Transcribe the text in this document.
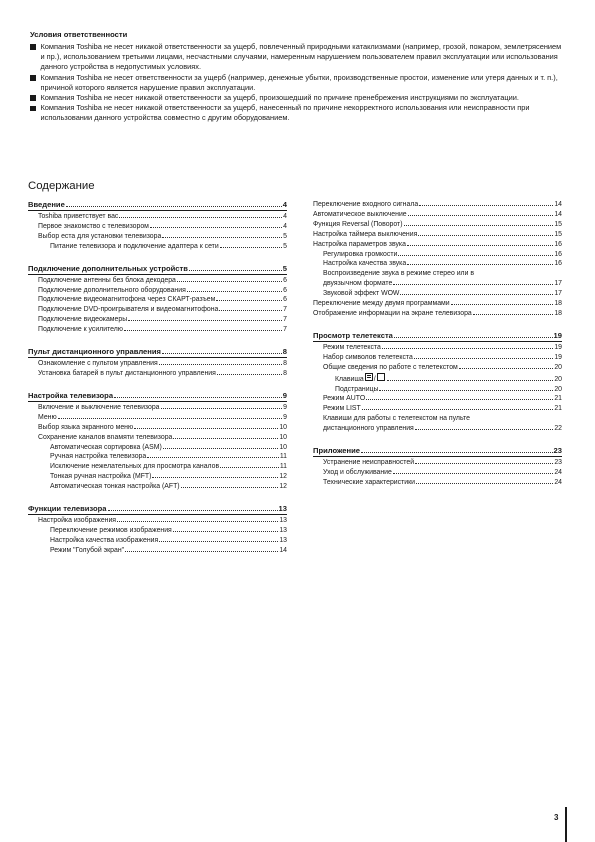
Условия ответственности
Компания Toshiba не несет никакой ответственности за ущерб, повлеченный природными катаклизмами (например, грозой, пожаром, землетрясением и пр.), использованием третьими лицами, несчастными случаями, намеренным нарушением пользователем правил эксплуатации или использования данного устройства в недопустимых условиях.
Компания Toshiba не несет ответственности за ущерб (например, денежные убытки, производственные простои, изменение или утеря данных и т. п.), причиной которого является нарушение правил эксплуатации.
Компания Toshiba не несет никакой ответственности за ущерб, произошедший по причине пренебрежения инструкциями по эксплуатации.
Компания Toshiba не несет никакой ответственности за ущерб, нанесенный по причине некорректного использования или неисправности при использовании данного устройства совместно с другим оборудованием.
Содержание
Введение	4
Toshiba приветствует вас	4
Первое знакомство с телевизором	4
Выбор еста для установки телевизора	5
Питание телевизора и подключение адаптера к сети	5
Подключение дополнительных устройств	5
Подключение антенны без блока декодера	6
Подключение дополнительного оборудования	6
Подключение видеомагнитофона через СКАРТ-разъем	6
Подключение DVD-проигрывателя и видеомагнитофона	7
Подключение видеокамеры	7
Подключение к усилителю	7
Пульт дистанционного управления	8
Ознакомление с пультом управления	8
Установка батарей в пульт дистанционного управления	8
Настройка телевизора	9
Включение и выключение телевизора	9
Меню	9
Выбор языка экранного меню	10
Сохранение каналов вnамяти телевизора	10
Автоматическая сортировка (ASM)	10
Ручная настройка телевизора	11
Исключение нежелательных для просмотра каналов	11
Тонкая ручная настройка (MFT)	12
Автоматическая тонкая настройка (AFT)	12
Функции телевизора	13
Настройка изображения	13
Переключение режимов изображения	13
Настройка качества изображения	13
Режим "Голубой экран"	14
Переключение входного сигнала	14
Автоматическое выключение	14
Функция Reversal (Поворот)	15
Настройка таймера выключения	15
Настройка параметров звука	16
Регулировка громкости	16
Настройка качества звука	16
Воспроизведение звука в режиме стерео или в
двуязычном формате	17
Звуковой эффект WOW	17
Переключение между двумя программами	18
Отображение информации на экране телевизора	18
Просмотр телетекста	19
Режим телетекста	19
Набор символов телетекста	19
Общие сведения по работе с телетекстом	20
Клавиша /	20
Подстраницы	20
Режим AUTO	21
Режим LIST	21
Клавиши для работы с телетекстом на пульте
дистанционного управления	22
Приложение	23
Устранение неисправностей	23
Уход и обслуживание	24
Технические характеристики	24
3
